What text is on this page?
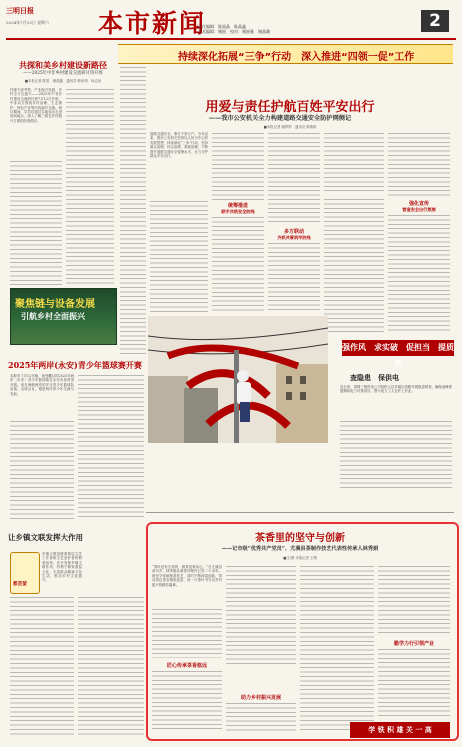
三明日报
2024年7月13日 星期六 本市新闻
责任编辑：陈丽晶　陈晶鑫
美术编辑：谢丽　校对：谢丽雅　谢晶璐
2
持续深化拓展“三争”行动　深入推进“四领一促”工作
共探和美乡村建设新路径
——2025年中非乡村建设交流研讨班开班
■本报记者 陈恩　谢晶鑫　通讯员 韩家琪　杨志泉
村级干部考察、产业振兴发展、乡村全方位振兴——2025年中非乡村建设交流研讨班7月12日开班，中非双方围绕乡村治理、生态保护、特色产业等内容展开交流。研讨期间，学员们通过实地参访走进田间地头，深入了解三明在乡村振兴方面的经验做法。
用爱与责任护航百姓平安出行
——我市公安机关全力构建道路交通安全防护网侧记
■本报记者 谢梦婷　通讯员 陈康琪
道路交通安全，事关千家万户。今年以来，我市公安机关坚持以人民为中心的发展思想，持续深化“三争”行动，坚持源头治理、综合治理、系统治理，不断提升道路交通安全管理水平，全力守护群众平安出行。
统筹推进
联手共筑安全防线
多方联动
齐抓共管筑牢防线
强化宣传
营造安全出行氛围
聚焦链与设备发展
引航乡村全面振兴
2025年两岸(永安)青少年篮球赛开赛
本报讯 7月12日晚，备受瞩目的2025年两岸（永安）青少年篮球赛在永安市体育馆开赛。来自海峡两岸的多支青少年篮球队参赛，以球会友，增进两岸青少年交流与友谊。
强作风　求实破　促担当　提质效
查隐患　保供电
连日来，国网三明供电公司组织人员对辖区线路开展隐患排查，确保迎峰度夏期间电力可靠供应。图为电力工人在杆上作业。
让乡镇文联发挥大作用
都芸萤
乡镇文联是联系基层文艺工作者和文艺爱好者的桥梁纽带。充分发挥乡镇文联作用，有利于繁荣基层文化，丰富群众精神文化生活，推动乡村文化振兴。
茶香里的坚守与创新
——记市级“优秀共产党员”、尤溪县茶制作技艺代表性传承人林秀娟
■文/图 本报记者 王栩
“茶叶是有生命的，做茶更要用心。”在尤溪县汤川乡，林秀娟从事茶叶制作已有二十余年。她坚守传统制茶技艺，同时不断探索创新，带动周边茶农增收致富，用一片茶叶书写出乡村振兴的精彩篇章。
匠心传承茶香悠远
助力乡村振兴发展
勤学力行引领产业
学 铁 积 雄 关 一 高
